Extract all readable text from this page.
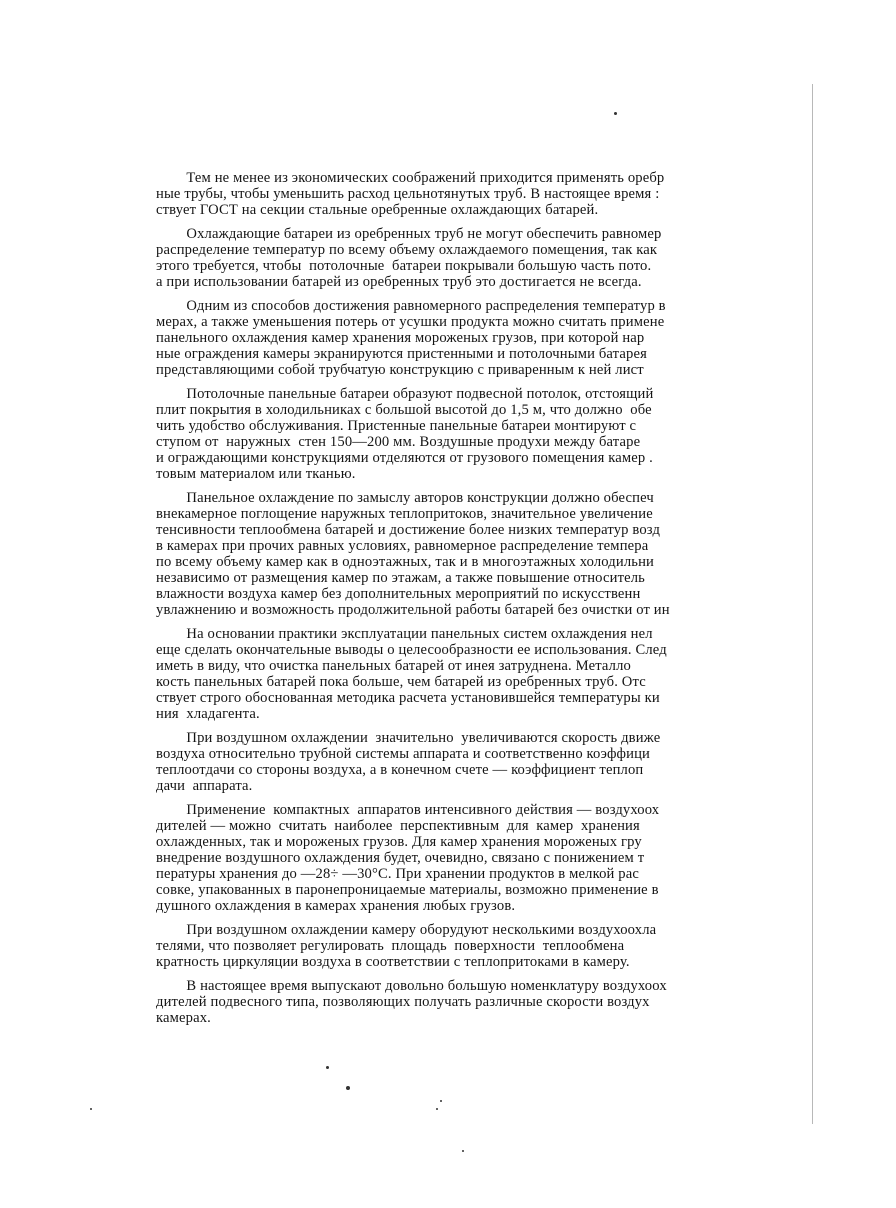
Тем не менее из экономических соображений приходится применять оребр
ные трубы, чтобы уменьшить расход цельнотянутых труб. В настоящее время :
ствует ГОСТ на секции стальные оребренные охлаждающих батарей.
Охлаждающие батареи из оребренных труб не могут обеспечить равномер
распределение температур по всему объему охлаждаемого помещения, так как
этого требуется, чтобы  потолочные  батареи покрывали большую часть пото.
а при использовании батарей из оребренных труб это достигается не всегда.
Одним из способов достижения равномерного распределения температур в
мерах, а также уменьшения потерь от усушки продукта можно считать примене
панельного охлаждения камер хранения мороженых грузов, при которой нар
ные ограждения камеры экранируются пристенными и потолочными батарея
представляющими собой трубчатую конструкцию с приваренным к ней лист
Потолочные панельные батареи образуют подвесной потолок, отстоящий
плит покрытия в холодильниках с большой высотой до 1,5 м, что должно  обе
чить удобство обслуживания. Пристенные панельные батареи монтируют с
ступом от  наружных  стен 150—200 мм. Воздушные продухи между батаре
и ограждающими конструкциями отделяются от грузового помещения камер .
товым материалом или тканью.
Панельное охлаждение по замыслу авторов конструкции должно обеспеч
внекамерное поглощение наружных теплопритоков, значительное увеличение
тенсивности теплообмена батарей и достижение более низких температур возд
в камерах при прочих равных условиях, равномерное распределение темпера
по всему объему камер как в одноэтажных, так и в многоэтажных холодильни
независимо от размещения камер по этажам, а также повышение относитель
влажности воздуха камер без дополнительных мероприятий по искусственн
увлажнению и возможность продолжительной работы батарей без очистки от ин
На основании практики эксплуатации панельных систем охлаждения нел
еще сделать окончательные выводы о целесообразности ее использования. След
иметь в виду, что очистка панельных батарей от инея затруднена. Металло
кость панельных батарей пока больше, чем батарей из оребренных труб. Отс
ствует строго обоснованная методика расчета установившейся температуры ки
ния  хладагента.
При воздушном охлаждении  значительно  увеличиваются скорость движе
воздуха относительно трубной системы аппарата и соответственно коэффици
теплоотдачи со стороны воздуха, а в конечном счете — коэффициент теплоп
дачи  аппарата.
Применение  компактных  аппаратов интенсивного действия — воздухоох
дителей — можно  считать  наиболее  перспективным  для  камер  хранения
охлажденных, так и мороженых грузов. Для камер хранения мороженых гру
внедрение воздушного охлаждения будет, очевидно, связано с понижением т
пературы хранения до —28÷ —30°С. При хранении продуктов в мелкой рас
совке, упакованных в паронепроницаемые материалы, возможно применение в
душного охлаждения в камерах хранения любых грузов.
При воздушном охлаждении камеру оборудуют несколькими воздухоохла
телями, что позволяет регулировать  площадь  поверхности  теплообмена
кратность циркуляции воздуха в соответствии с теплопритоками в камеру.
В настоящее время выпускают довольно большую номенклатуру воздухоох
дителей подвесного типа, позволяющих получать различные скорости воздух
камерах.
